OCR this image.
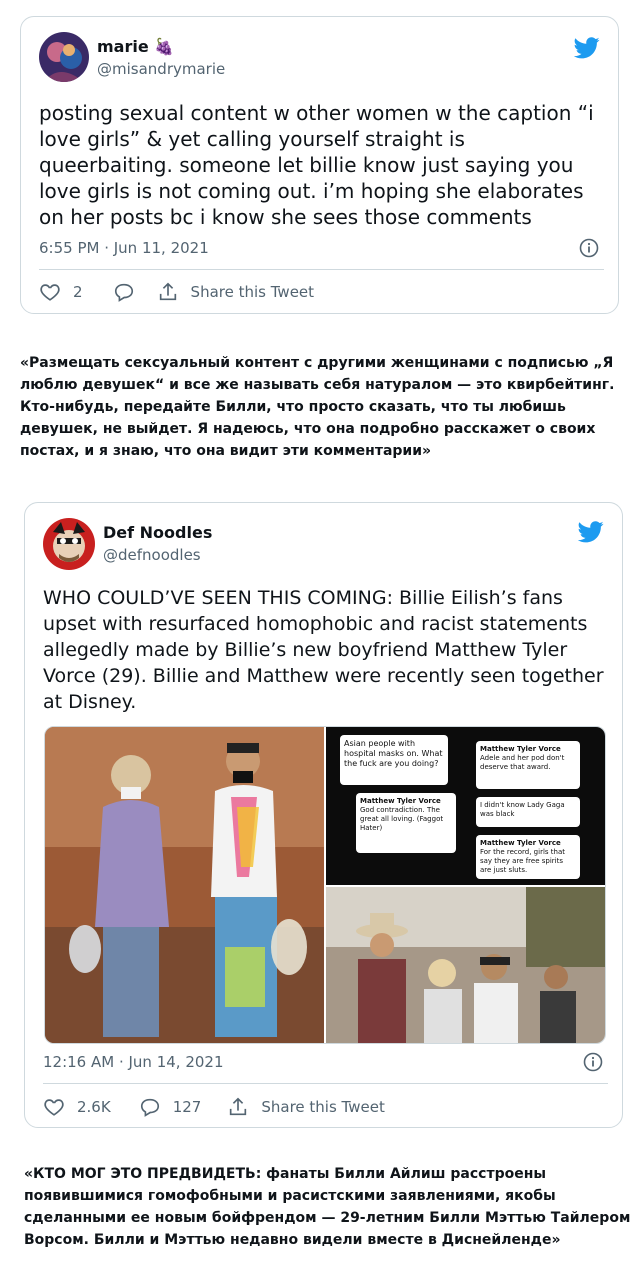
marie 🍇
@misandrymarie
posting sexual content w other women w the caption “i love girls” & yet calling yourself straight is queerbaiting. someone let billie know just saying you love girls is not coming out. i’m hoping she elaborates on her posts bc i know she sees those comments
6:55 PM · Jun 11, 2021
2	Share this Tweet
«Размещать сексуальный контент с другими женщинами с подписью „Я люблю девушек“ и все же называть себя натуралом — это квирбейтинг. Кто-нибудь, передайте Билли, что просто сказать, что ты любишь девушек, не выйдет. Я надеюсь, что она подробно расскажет о своих постах, и я знаю, что она видит эти комментарии»
Def Noodles
@defnoodles
WHO COULD’VE SEEN THIS COMING: Billie Eilish’s fans upset with resurfaced homophobic and racist statements allegedly made by Billie’s new boyfriend Matthew Tyler Vorce (29). Billie and Matthew were recently seen together at Disney.
Asian people with hospital masks on. What the fuck are you doing?
Matthew Tyler Vorce
God contradiction. The great all loving. (Faggot Hater)
Matthew Tyler Vorce
Adele and her pod don't deserve that award.
I didn't know Lady Gaga was black
Matthew Tyler Vorce
For the record, girls that say they are free spirits are just sluts.
12:16 AM · Jun 14, 2021
2.6K	127	Share this Tweet
«КТО МОГ ЭТО ПРЕДВИДЕТЬ: фанаты Билли Айлиш расстроены появившимися гомофобными и расистскими заявлениями, якобы сделанными ее новым бойфрендом — 29-летним Билли Мэттью Тайлером Ворсом. Билли и Мэттью недавно видели вместе в Диснейленде»
